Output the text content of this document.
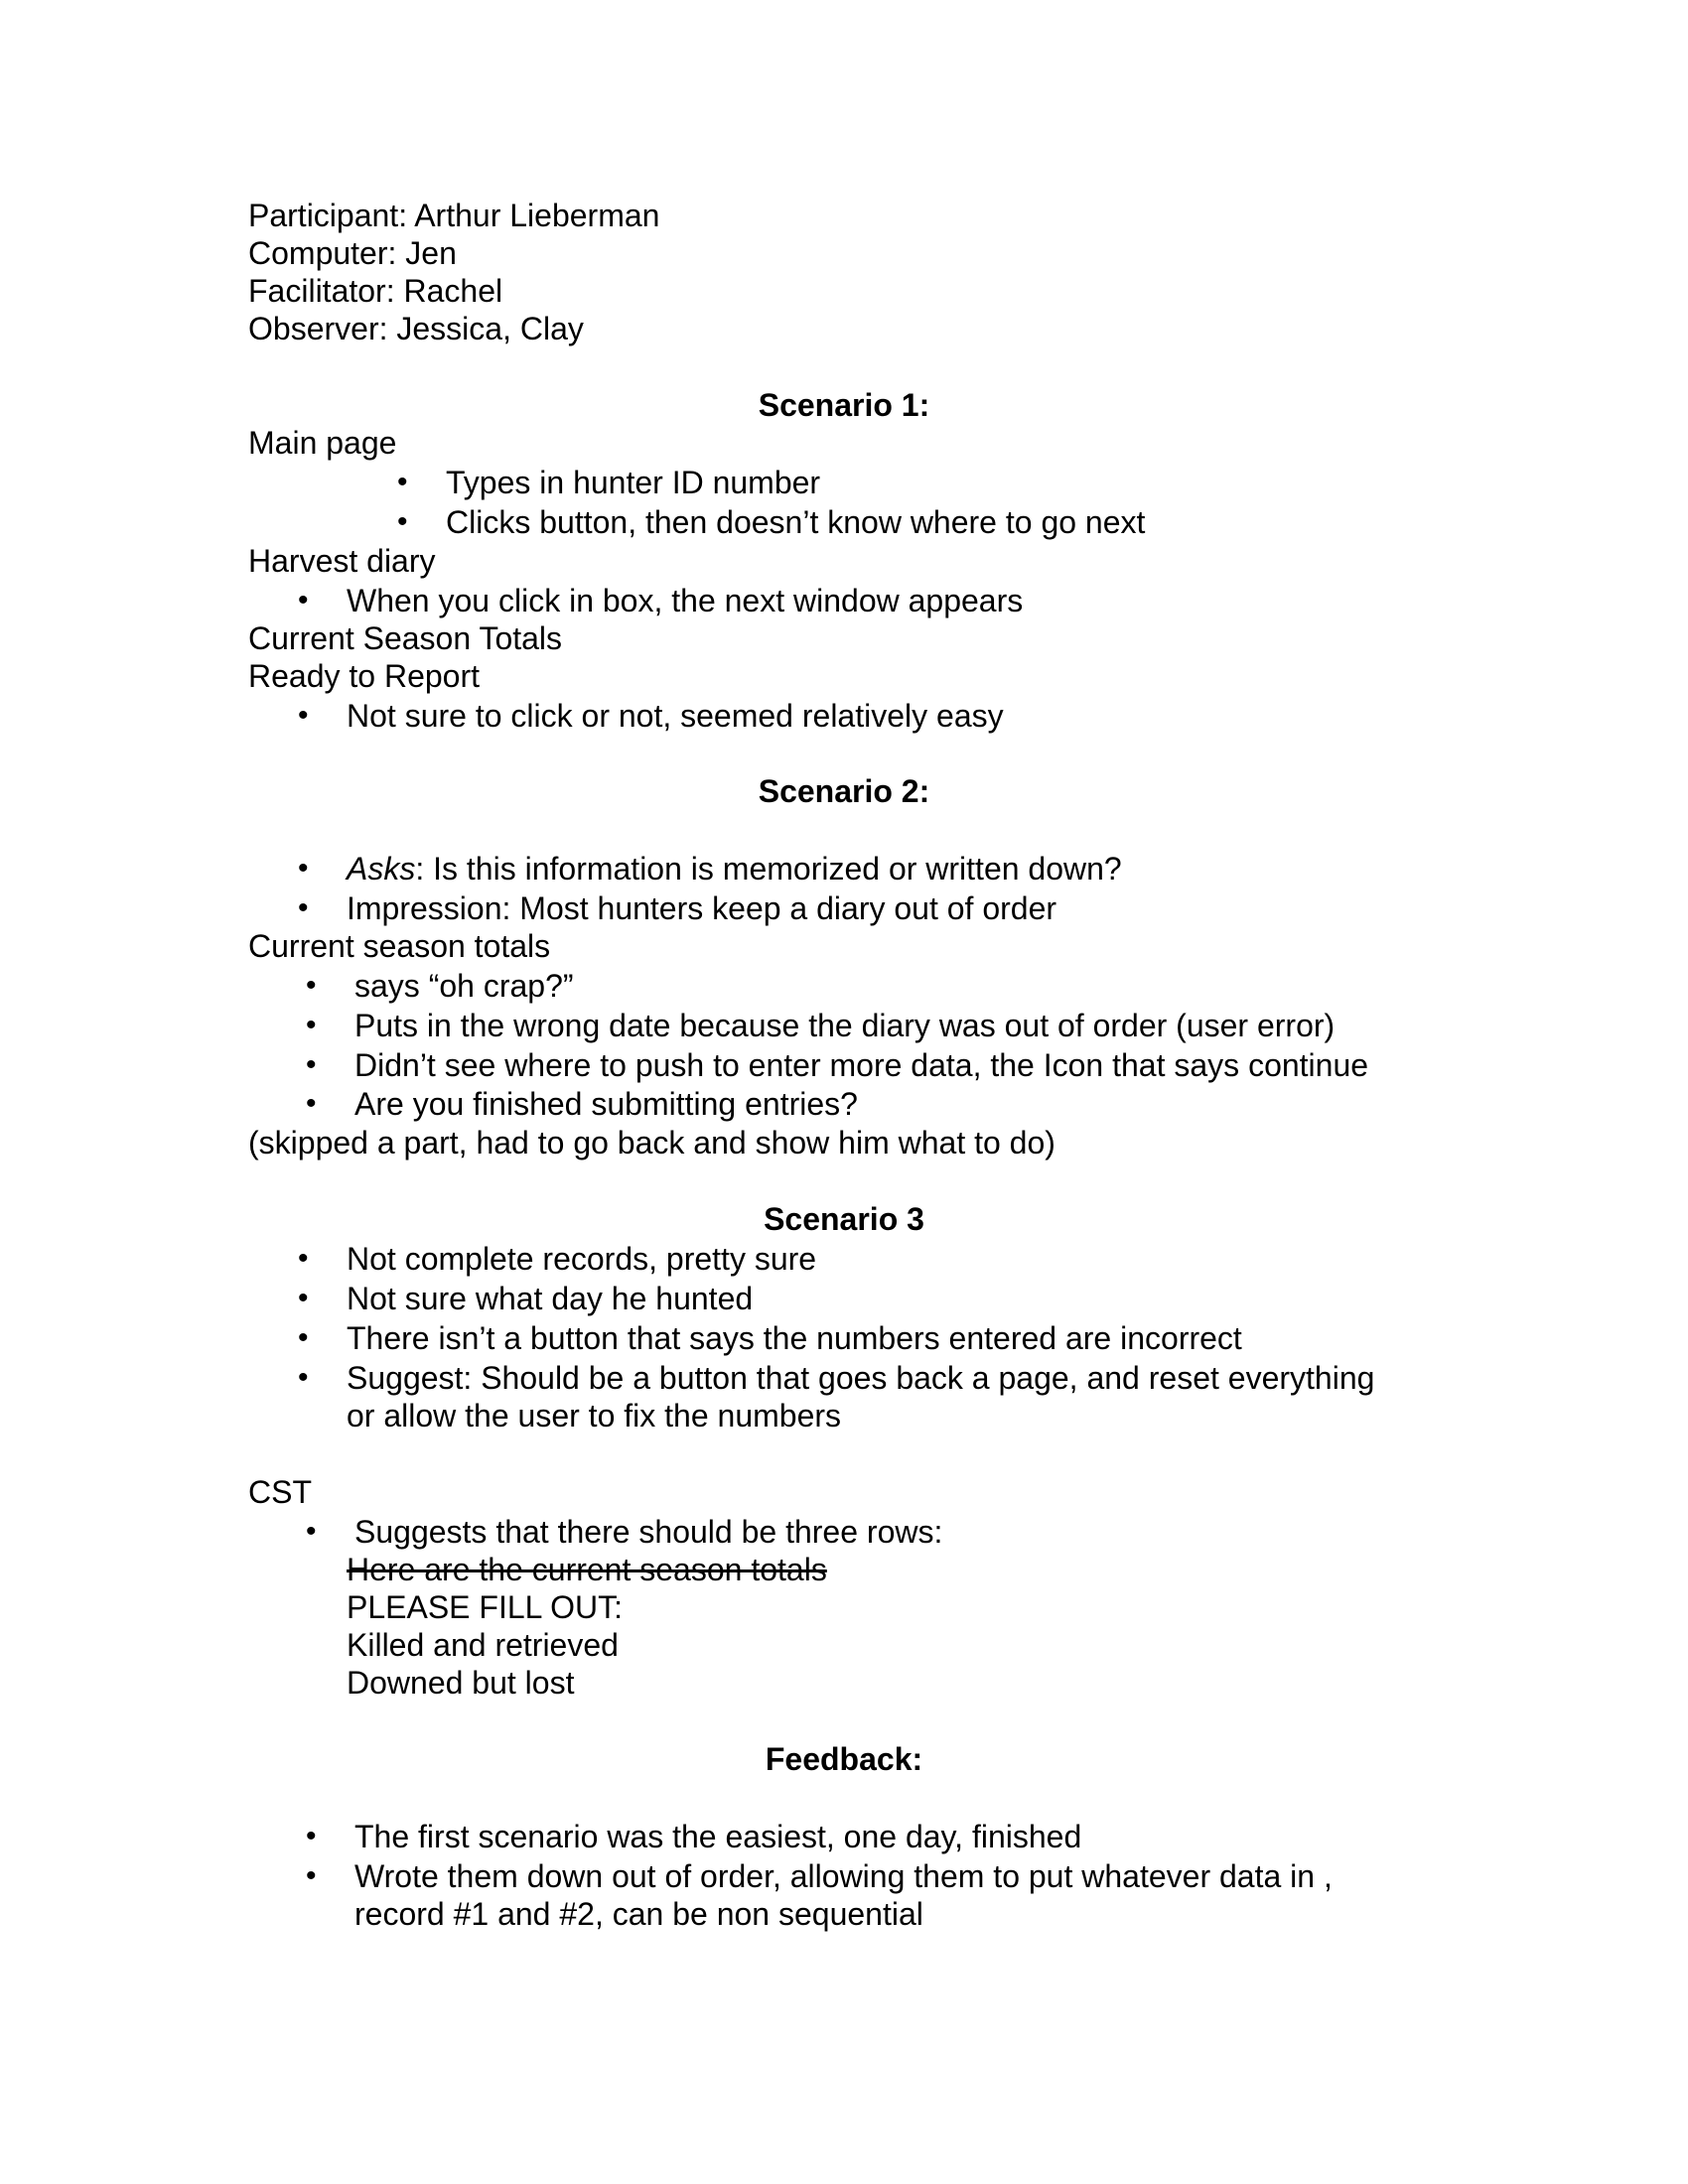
Participant: Arthur Lieberman
Computer: Jen
Facilitator: Rachel
Observer: Jessica, Clay
Scenario 1:
Main page
• Types in hunter ID number
• Clicks button, then doesn’t know where to go next
Harvest diary
• When you click in box, the next window appears
Current Season Totals
Ready to Report
• Not sure to click or not, seemed relatively easy
Scenario 2:
• Asks: Is this information is memorized or written down?
• Impression: Most hunters keep a diary out of order
Current season totals
• says “oh crap?”
• Puts in the wrong date because the diary was out of order (user error)
• Didn’t see where to push to enter more data, the Icon that says continue
• Are you finished submitting entries?
(skipped a part, had to go back and show him what to do)
Scenario 3
• Not complete records, pretty sure
• Not sure what day he hunted
• There isn’t a button that says the numbers entered are incorrect
• Suggest: Should be a button that goes back a page, and reset everything
or allow the user to fix the numbers
CST
• Suggests that there should be three rows:
Here are the current season totals
PLEASE FILL OUT:
Killed and retrieved
Downed but lost
Feedback:
• The first scenario was the easiest, one day, finished
• Wrote them down out of order, allowing them to put whatever data in ,
record #1 and #2, can be non sequential
